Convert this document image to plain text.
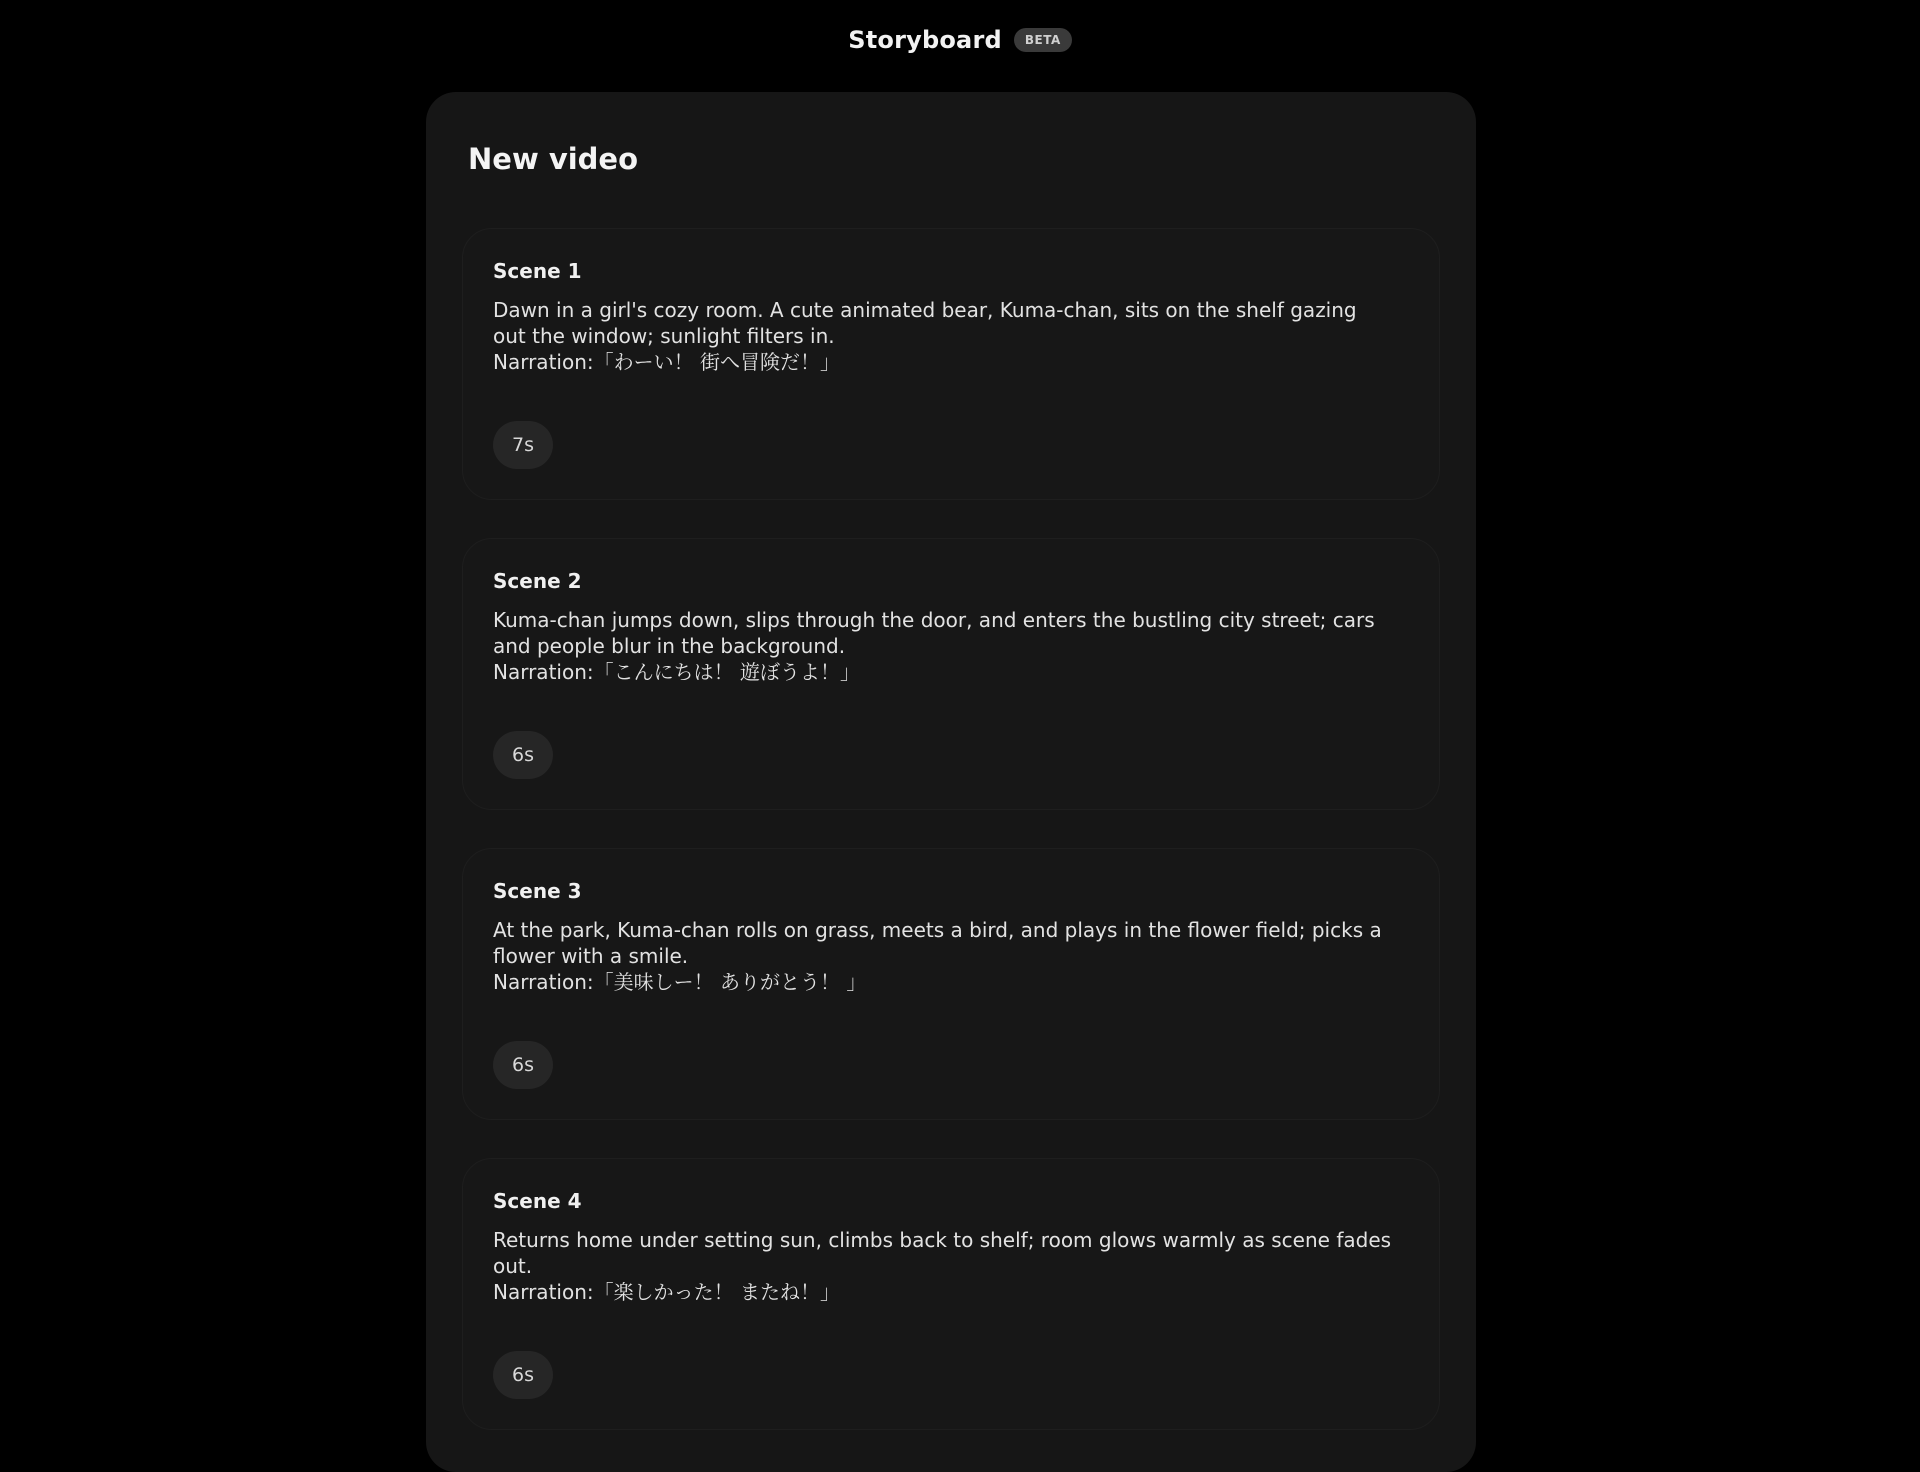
Storyboard	BETA
New video
Scene 1

Dawn in a girl's cozy room. A cute animated bear, Kuma-chan, sits on the shelf gazing out the window; sunlight filters in.

Narration:「わーい！ 街へ冒険だ！」

7s
Scene 2

Kuma-chan jumps down, slips through the door, and enters the bustling city street; cars and people blur in the background.

Narration:「こんにちは！ 遊ぼうよ！」

6s
Scene 3

At the park, Kuma-chan rolls on grass, meets a bird, and plays in the flower field; picks a flower with a smile.

Narration:「美味しー！ ありがとう！ 」

6s
Scene 4

Returns home under setting sun, climbs back to shelf; room glows warmly as scene fades out.

Narration:「楽しかった！ またね！」

6s
